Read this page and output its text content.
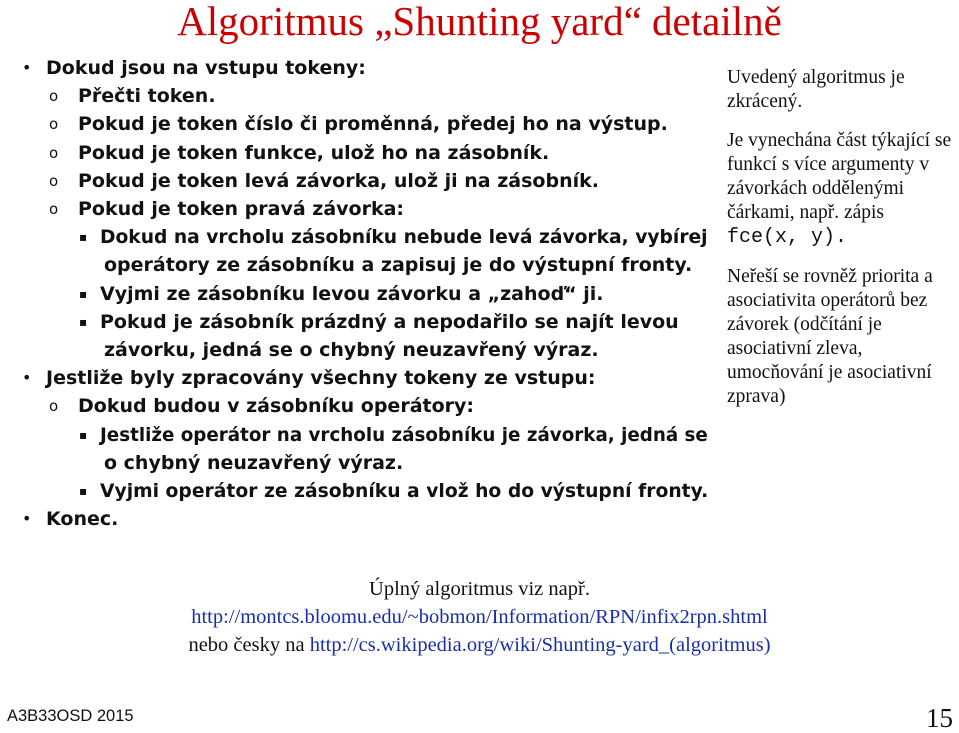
Algoritmus „Shunting yard“ detailně
• Dokud jsou na vstupu tokeny:
o Přečti token.
o Pokud je token číslo či proměnná, předej ho na výstup.
o Pokud je token funkce, ulož ho na zásobník.
o Pokud je token levá závorka, ulož ji na zásobník.
o Pokud je token pravá závorka:
▪ Dokud na vrcholu zásobníku nebude levá závorka, vybírej
operátory ze zásobníku a zapisuj je do výstupní fronty.
▪ Vyjmi ze zásobníku levou závorku a „zahoď“ ji.
▪ Pokud je zásobník prázdný a nepodařilo se najít levou
závorku, jedná se o chybný neuzavřený výraz.
• Jestliže byly zpracovány všechny tokeny ze vstupu:
o Dokud budou v zásobníku operátory:
▪ Jestliže operátor na vrcholu zásobníku je závorka, jedná se
o chybný neuzavřený výraz.
▪ Vyjmi operátor ze zásobníku a vlož ho do výstupní fronty.
• Konec.

Uvedený algoritmus je zkrácený.

Je vynechána část týkající se funkcí s více argumenty v závorkách oddělenými čárkami, např. zápis fce(x, y).

Neřeší se rovněž priorita a asociativita operátorů bez závorek (odčítání je asociativní zleva, umocňování je asociativní zprava)

Úplný algoritmus viz např.
http://montcs.bloomu.edu/~bobmon/Information/RPN/infix2rpn.shtml
nebo česky na http://cs.wikipedia.org/wiki/Shunting-yard_(algoritmus)
A3B33OSD 2015	15
